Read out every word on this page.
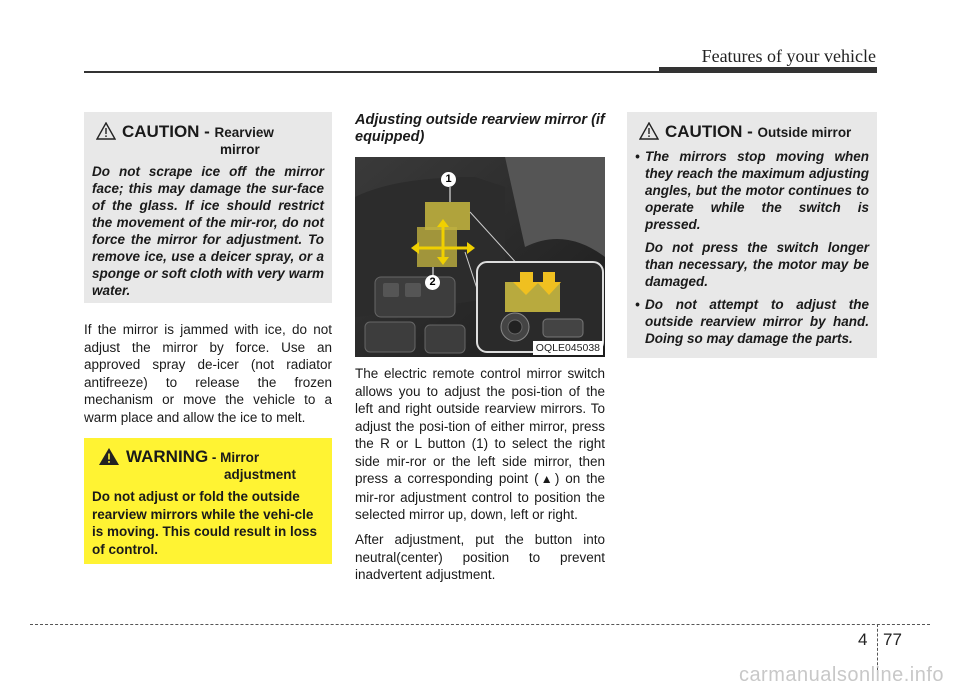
Features of your vehicle
CAUTION - Rearview
mirror
Do not scrape ice off the mirror face; this may damage the sur-face of the glass. If ice should restrict the movement of the mir-ror, do not force the mirror for adjustment. To remove ice, use a deicer spray, or a sponge or soft cloth with very warm water.
If the mirror is jammed with ice, do not adjust the mirror by force. Use an approved spray de-icer (not radiator antifreeze) to release the frozen mechanism or move the vehicle to a warm place and allow the ice to melt.
WARNING - Mirror
adjustment
Do not adjust or fold the outside rearview mirrors while the vehi-cle is moving. This could result in loss of control.
Adjusting outside rearview mirror (if equipped)
1
2
OQLE045038
The electric remote control mirror switch allows you to adjust the posi-tion of the left and right outside rearview mirrors. To adjust the posi-tion of either mirror, press the R or L button (1) to select the right side mir-ror or the left side mirror, then press a corresponding point (▲) on the mir-ror adjustment control to position the selected mirror up, down, left or right.
After adjustment, put the button into neutral(center) position to prevent inadvertent adjustment.
CAUTION - Outside mirror
• The mirrors stop moving when they reach the maximum adjusting angles, but the motor continues to operate while the switch is pressed.
Do not press the switch longer than necessary, the motor may be damaged.
• Do not attempt to adjust the outside rearview mirror by hand. Doing so may damage the parts.
4 77
carmanualsonline.info
